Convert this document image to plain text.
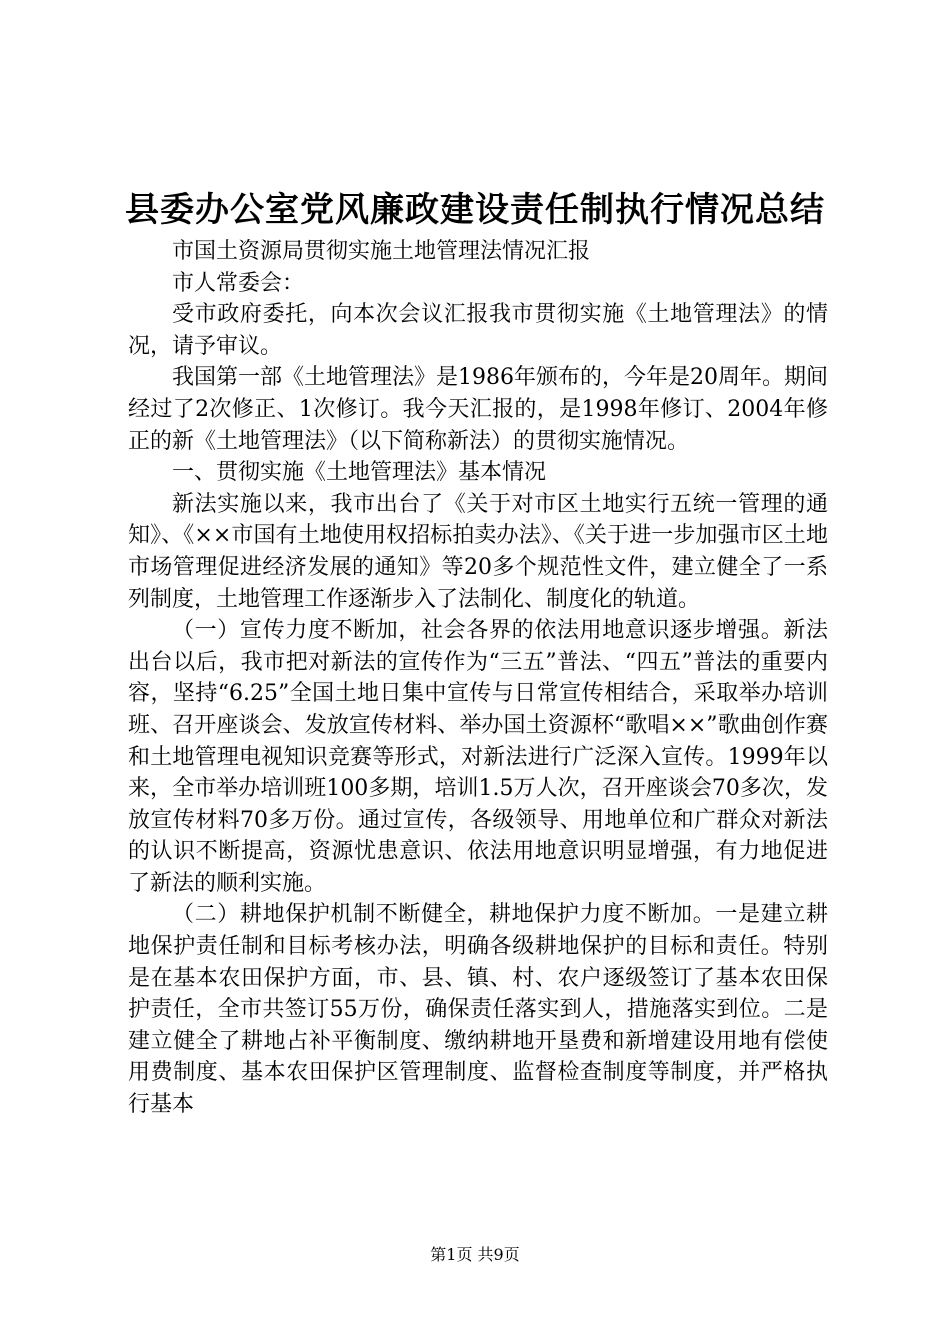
县委办公室党风廉政建设责任制执行情况总结

市国土资源局贯彻实施土地管理法情况汇报

市人常委会：

受市政府委托，向本次会议汇报我市贯彻实施《土地管理法》的情况，请予审议。

我国第一部《土地管理法》是1986年颁布的，今年是20周年。期间经过了2次修正、1次修订。我今天汇报的，是1998年修订、2004年修正的新《土地管理法》（以下简称新法）的贯彻实施情况。

一、贯彻实施《土地管理法》基本情况

新法实施以来，我市出台了《关于对市区土地实行五统一管理的通知》、《××市国有土地使用权招标拍卖办法》、《关于进一步加强市区土地市场管理促进经济发展的通知》等20多个规范性文件，建立健全了一系列制度，土地管理工作逐渐步入了法制化、制度化的轨道。

（一）宣传力度不断加，社会各界的依法用地意识逐步增强。新法出台以后，我市把对新法的宣传作为“三五”普法、“四五”普法的重要内容，坚持“6.25”全国土地日集中宣传与日常宣传相结合，采取举办培训班、召开座谈会、发放宣传材料、举办国土资源杯“歌唱××”歌曲创作赛和土地管理电视知识竞赛等形式，对新法进行广泛深入宣传。1999年以来，全市举办培训班100多期，培训1.5万人次，召开座谈会70多次，发放宣传材料70多万份。通过宣传，各级领导、用地单位和广群众对新法的认识不断提高，资源忧患意识、依法用地意识明显增强，有力地促进了新法的顺利实施。

（二）耕地保护机制不断健全，耕地保护力度不断加。一是建立耕地保护责任制和目标考核办法，明确各级耕地保护的目标和责任。特别是在基本农田保护方面，市、县、镇、村、农户逐级签订了基本农田保护责任，全市共签订55万份，确保责任落实到人，措施落实到位。二是建立健全了耕地占补平衡制度、缴纳耕地开垦费和新增建设用地有偿使用费制度、基本农田保护区管理制度、监督检查制度等制度，并严格执行基本

第1页 共9页
